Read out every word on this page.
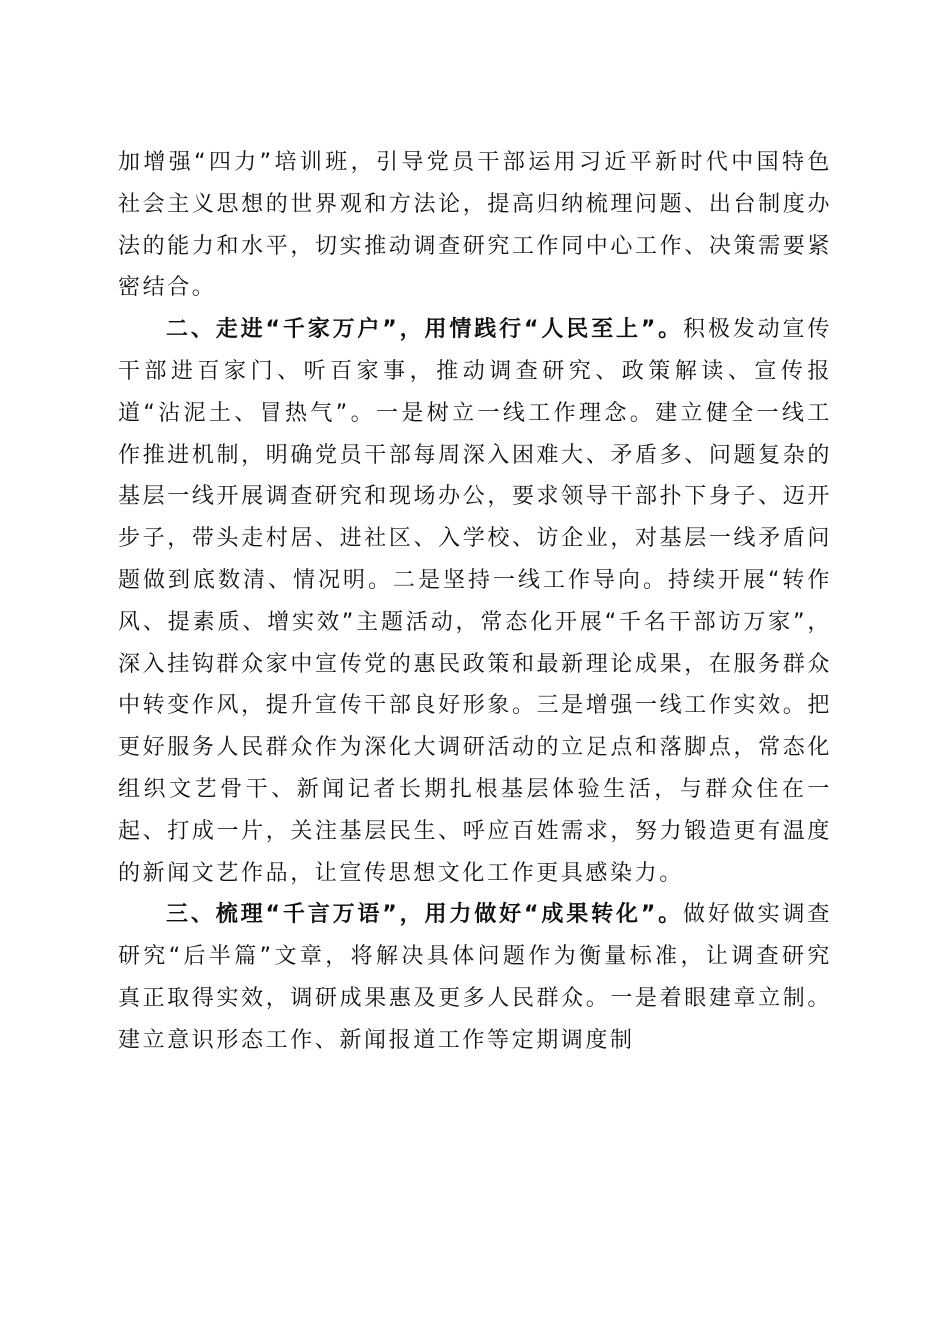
加增强“四力”培训班，引导党员干部运用习近平新时代中国特色社会主义思想的世界观和方法论，提高归纳梳理问题、出台制度办法的能力和水平，切实推动调查研究工作同中心工作、决策需要紧密结合。

二、走进“千家万户”，用情践行“人民至上”。积极发动宣传干部进百家门、听百家事，推动调查研究、政策解读、宣传报道“沾泥土、冒热气”。一是树立一线工作理念。建立健全一线工作推进机制，明确党员干部每周深入困难大、矛盾多、问题复杂的基层一线开展调查研究和现场办公，要求领导干部扑下身子、迈开步子，带头走村居、进社区、入学校、访企业，对基层一线矛盾问题做到底数清、情况明。二是坚持一线工作导向。持续开展“转作风、提素质、增实效”主题活动，常态化开展“千名干部访万家”，深入挂钩群众家中宣传党的惠民政策和最新理论成果，在服务群众中转变作风，提升宣传干部良好形象。三是增强一线工作实效。把更好服务人民群众作为深化大调研活动的立足点和落脚点，常态化组织文艺骨干、新闻记者长期扎根基层体验生活，与群众住在一起、打成一片，关注基层民生、呼应百姓需求，努力锻造更有温度的新闻文艺作品，让宣传思想文化工作更具感染力。

三、梳理“千言万语”，用力做好“成果转化”。做好做实调查研究“后半篇”文章，将解决具体问题作为衡量标准，让调查研究真正取得实效，调研成果惠及更多人民群众。一是着眼建章立制。建立意识形态工作、新闻报道工作等定期调度制
